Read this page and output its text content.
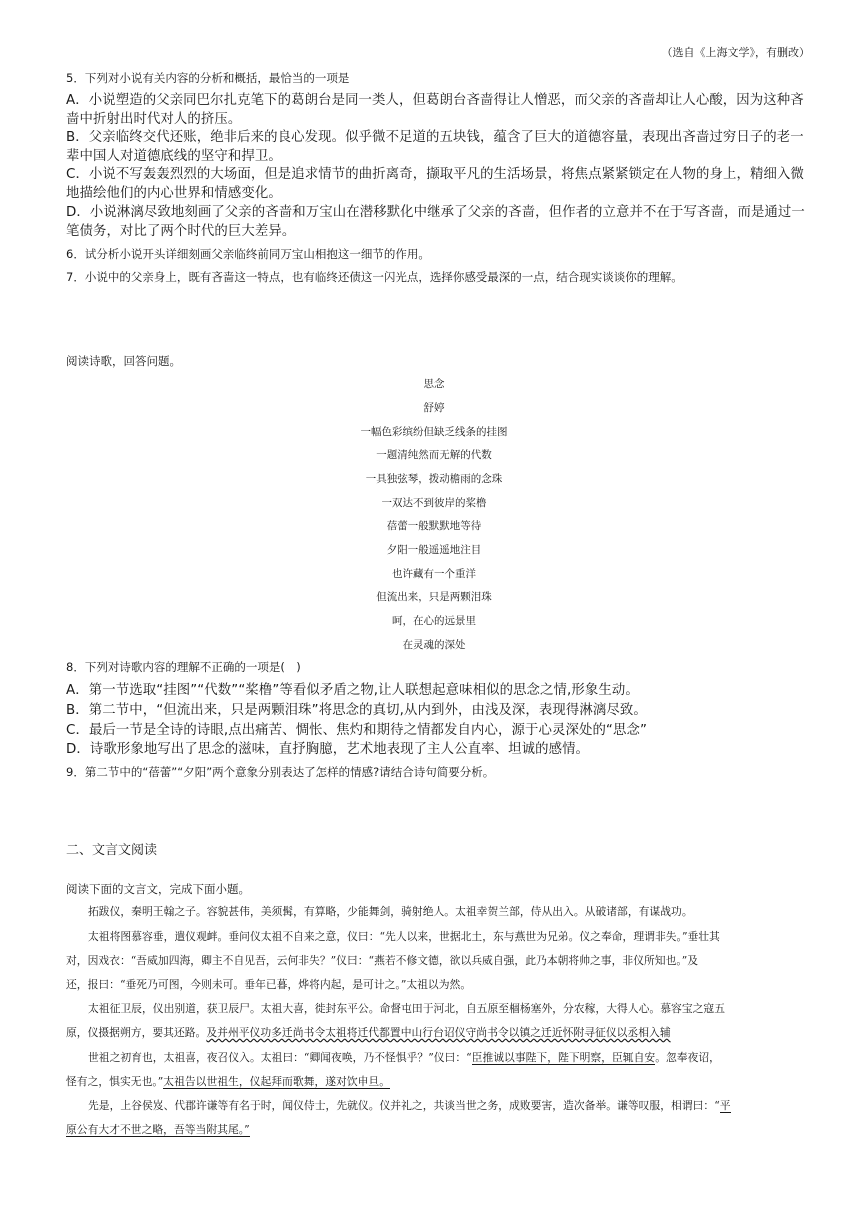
（选自《上海文学》，有删改）
5．下列对小说有关内容的分析和概括，最恰当的一项是
A．小说塑造的父亲同巴尔扎克笔下的葛朗台是同一类人，但葛朗台吝啬得让人憎恶，而父亲的吝啬却让人心酸，因为这种吝啬中折射出时代对人的挤压。
B．父亲临终交代还账，绝非后来的良心发现。似乎微不足道的五块钱，蕴含了巨大的道德容量，表现出吝啬过穷日子的老一辈中国人对道德底线的坚守和捍卫。
C．小说不写轰轰烈烈的大场面，但是追求情节的曲折离奇，撷取平凡的生活场景，将焦点紧紧锁定在人物的身上，精细入微地描绘他们的内心世界和情感变化。
D．小说淋漓尽致地刻画了父亲的吝啬和万宝山在潜移默化中继承了父亲的吝啬，但作者的立意并不在于写吝啬，而是通过一笔债务，对比了两个时代的巨大差异。
6．试分析小说开头详细刻画父亲临终前同万宝山相抱这一细节的作用。
7．小说中的父亲身上，既有吝啬这一特点，也有临终还债这一闪光点，选择你感受最深的一点，结合现实谈谈你的理解。
阅读诗歌，回答问题。
思念
舒婷
一幅色彩缤纷但缺乏线条的挂图
一题清纯然而无解的代数
一具独弦琴，拨动檐雨的念珠
一双达不到彼岸的桨橹
蓓蕾一般默默地等待
夕阳一般遥遥地注目
也许藏有一个重洋
但流出来，只是两颗泪珠
呵，在心的远景里
在灵魂的深处
8．下列对诗歌内容的理解不正确的一项是(　)
A．第一节选取“挂图”“代数”“桨橹”等看似矛盾之物,让人联想起意味相似的思念之情,形象生动。
B．第二节中，“但流出来，只是两颗泪珠”将思念的真切,从内到外，由浅及深，表现得淋漓尽致。
C．最后一节是全诗的诗眼,点出痛苦、惆怅、焦灼和期待之情都发自内心，源于心灵深处的“思念”
D．诗歌形象地写出了思念的滋味，直抒胸臆，艺术地表现了主人公直率、坦诚的感情。
9．第二节中的“蓓蕾”“夕阳”两个意象分别表达了怎样的情感?请结合诗句简要分析。
二、文言文阅读
阅读下面的文言文，完成下面小题。
拓跋仪，秦明王翰之子。容貌甚伟，美须髯，有算略，少能舞剑，骑射绝人。太祖幸贺兰部，侍从出入。从破诸部，有谋战功。
太祖将图慕容垂，遣仪观衅。垂问仪太祖不自来之意，仪曰：“先人以来，世据北土，东与燕世为兄弟。仪之奉命，理谓非失。”垂壮其
对，因戏衣：“吾威加四海，卿主不自见吾，云何非失？”仪曰：“燕若不修文德，欲以兵威自强，此乃本朝将帅之事，非仪所知也。”及
还，报曰：“垂死乃可图，今则未可。垂年已暮，烨将内起，是可计之。”太祖以为然。
太祖征卫辰，仪出别道，获卫辰尸。太祖大喜，徙封东平公。命督屯田于河北，自五原至棝杨塞外，分农稼，大得人心。慕容宝之寇五
原，仪摄据朔方，要其还路。及并州平仪功多迁尚书令太祖将迁代都置中山行台诏仪守尚书令以镇之迁近怀附寻征仪以丞相入辅
世祖之初育也，太祖喜，夜召仪入。太祖曰：“卿闻夜唤，乃不怪惧乎？”仪曰：“臣推诚以事陛下，陛下明察，臣辄自安。忽奉夜诏，
怪有之，惧实无也。”太祖告以世祖生，仪起拜而歌舞，遂对饮申旦。
先是，上谷侯岌、代郡许谦等有名于时，闻仪侍士，先就仪。仪并礼之，共谈当世之务，成败要害，造次备举。谦等叹服，相谓曰：“平
原公有大才不世之略，吾等当附其尾。”
